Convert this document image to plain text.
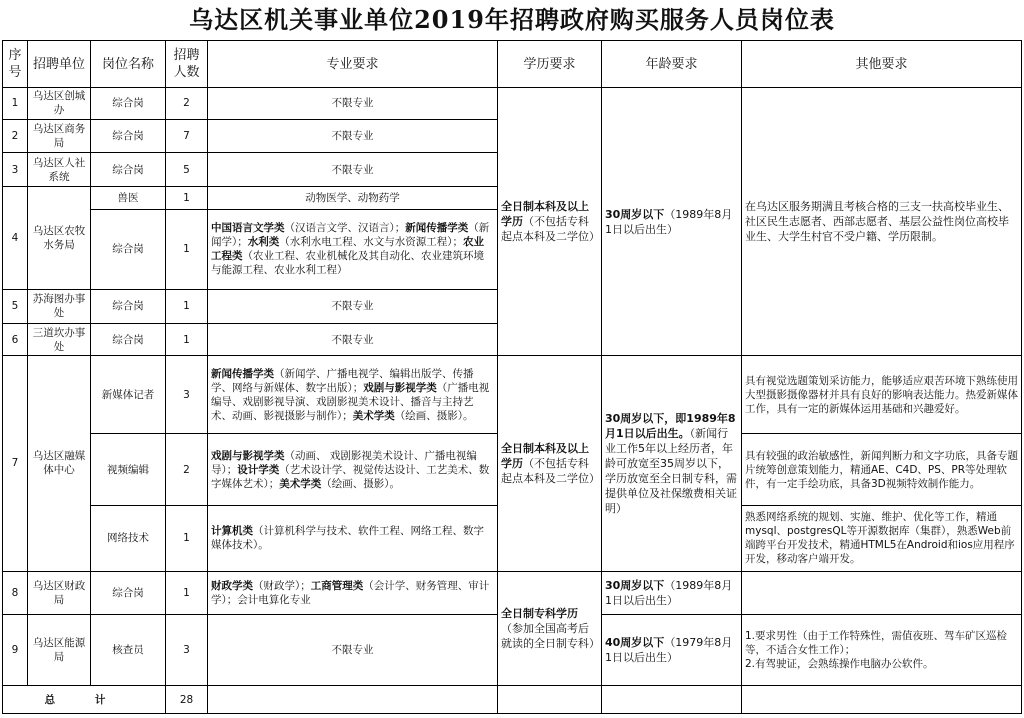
乌达区机关事业单位2019年招聘政府购买服务人员岗位表
序号	招聘单位	岗位名称	招聘人数	专业要求	学历要求	年龄要求	其他要求
1	乌达区创城办	综合岗	2	不限专业	全日制本科及以上学历（不包括专科起点本科及二学位）	30周岁以下（1989年8月1日以后出生）	在乌达区服务期满且考核合格的三支一扶高校毕业生、社区民生志愿者、西部志愿者、基层公益性岗位高校毕业生、大学生村官不受户籍、学历限制。
2	乌达区商务局	综合岗	7	不限专业			
3	乌达区人社系统	综合岗	5	不限专业			
4	乌达区农牧水务局	兽医	1	动物医学、动物药学			
		综合岗	1	中国语言文学类（汉语言文学、汉语言）；新闻传播学类（新闻学）；水利类（水利水电工程、水文与水资源工程）；农业工程类（农业工程、农业机械化及其自动化、农业建筑环境与能源工程、农业水利工程）			
5	苏海图办事处	综合岗	1	不限专业			
6	三道坎办事处	综合岗	1	不限专业			
7	乌达区融媒体中心	新媒体记者	3	新闻传播学类（新闻学、广播电视学、编辑出版学、传播学、网络与新媒体、数字出版）；戏剧与影视学类（广播电视编导、戏剧影视导演、戏剧影视美术设计、播音与主持艺术、动画、影视摄影与制作）；美术学类（绘画、摄影）。	全日制本科及以上学历（不包括专科起点本科及二学位）	30周岁以下，即1989年8月1日以后出生。（新闻行业工作5年以上经历者，年龄可放宽至35周岁以下，学历放宽至全日制专科，需提供单位及社保缴费相关证明）	具有视觉选题策划采访能力，能够适应艰苦环境下熟练使用大型摄影摄像器材并具有良好的影响表达能力。热爱新媒体工作，具有一定的新媒体运用基础和兴趣爱好。
		视频编辑	2	戏剧与影视学类（动画、 戏剧影视美术设计、广播电视编导）；设计学类（艺术设计学、视觉传达设计、工艺美术、数字媒体艺术）；美术学类（绘画、摄影）。			具有较强的政治敏感性，新闻判断力和文字功底，具备专题片统筹创意策划能力，精通AE、C4D、PS、PR等处理软件，有一定手绘功底，具备3D视频特效制作能力。
		网络技术	1	计算机类（计算机科学与技术、软件工程、网络工程、数字媒体技术）。			熟悉网络系统的规划、实施、维护、优化等工作，精通mysql、postgresQL等开源数据库（集群），熟悉Web前端跨平台开发技术，精通HTML5在Android和ios应用程序开发，移动客户端开发。
8	乌达区财政局	综合岗	1	财政学类（财政学）；工商管理类（会计学、财务管理、审计学）；会计电算化专业	全日制专科学历（参加全国高考后就读的全日制专科）	30周岁以下（1989年8月1日以后出生）	
9	乌达区能源局	核查员	3	不限专业		40周岁以下（1979年8月1日以后出生）	1.要求男性（由于工作特殊性，需值夜班、驾车矿区巡检等，不适合女性工作）；
2.有驾驶证，会熟练操作电脑办公软件。
总 计			28				
